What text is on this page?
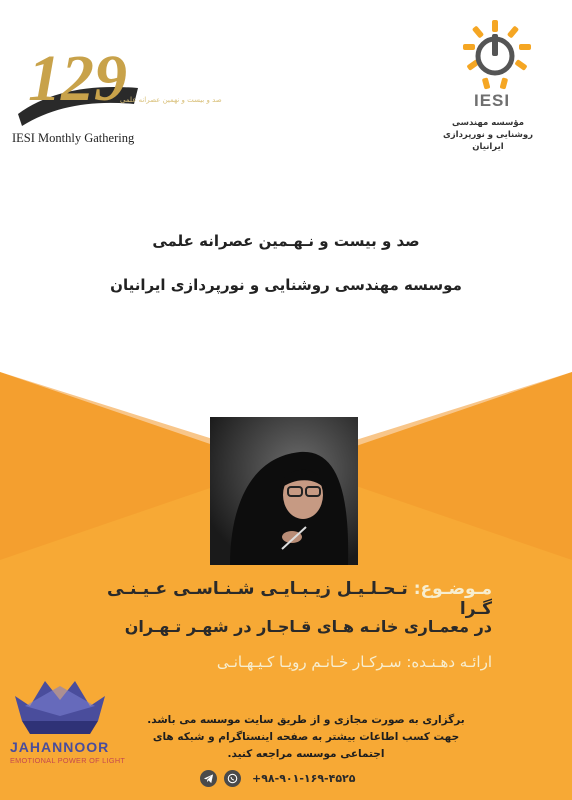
129
صد و بیست و نهمین عصرانه علمی
IESI Monthly Gathering
IESI
مؤسسه مهندسی
روشنایی و نورپردازی ایرانیان
صد و بیست و نـهـمین عصرانه علمی
موسسه مهندسی روشنایی و نورپردازی ایرانیان
مـوضـوع: تـحـلـیـل زیـبـایـی شـنـاسـی عـیـنـی گـرا
در معمـاری خانـه هـای قـاجـار در شهـر تـهـران
ارائـه دهـنـده: سـرکـار خـانـم رویـا کـیـهـانـی
برگزاری به صورت مجازی و از طریق سایت موسسه می باشد.
جهت کسب اطاعات بیشتر به صفحه اینستاگرام و شبکه های
اجتماعی موسسه مراجعه کنید.
+۹۸-۹۰۱-۱۶۹-۴۵۲۵
JAHANNOOR
EMOTIONAL POWER OF LIGHT
